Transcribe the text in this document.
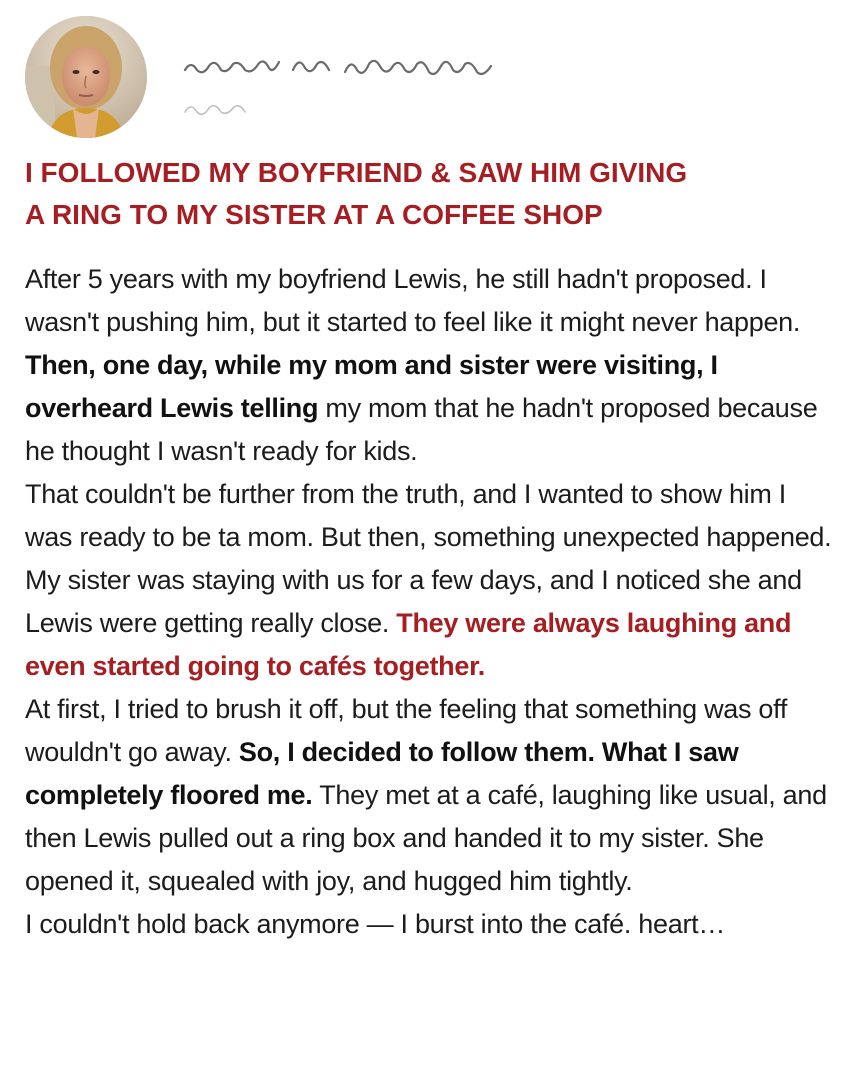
I FOLLOWED MY BOYFRIEND & SAW HIM GIVING
A RING TO MY SISTER AT A COFFEE SHOP

After 5 years with my boyfriend Lewis, he still hadn't proposed. I wasn't pushing him, but it started to feel like it might never happen. Then, one day, while my mom and sister were visiting, I overheard Lewis telling my mom that he hadn't proposed because he thought I wasn't ready for kids.

That couldn't be further from the truth, and I wanted to show him I was ready to be ta mom. But then, something unexpected happened. My sister was staying with us for a few days, and I noticed she and Lewis were getting really close. They were always laughing and even started going to cafés together.

At first, I tried to brush it off, but the feeling that something was off wouldn't go away. So, I decided to follow them. What I saw completely floored me. They met at a café, laughing like usual, and then Lewis pulled out a ring box and handed it to my sister. She opened it, squealed with joy, and hugged him tightly.

I couldn't hold back anymore — I burst into the café. heart…
